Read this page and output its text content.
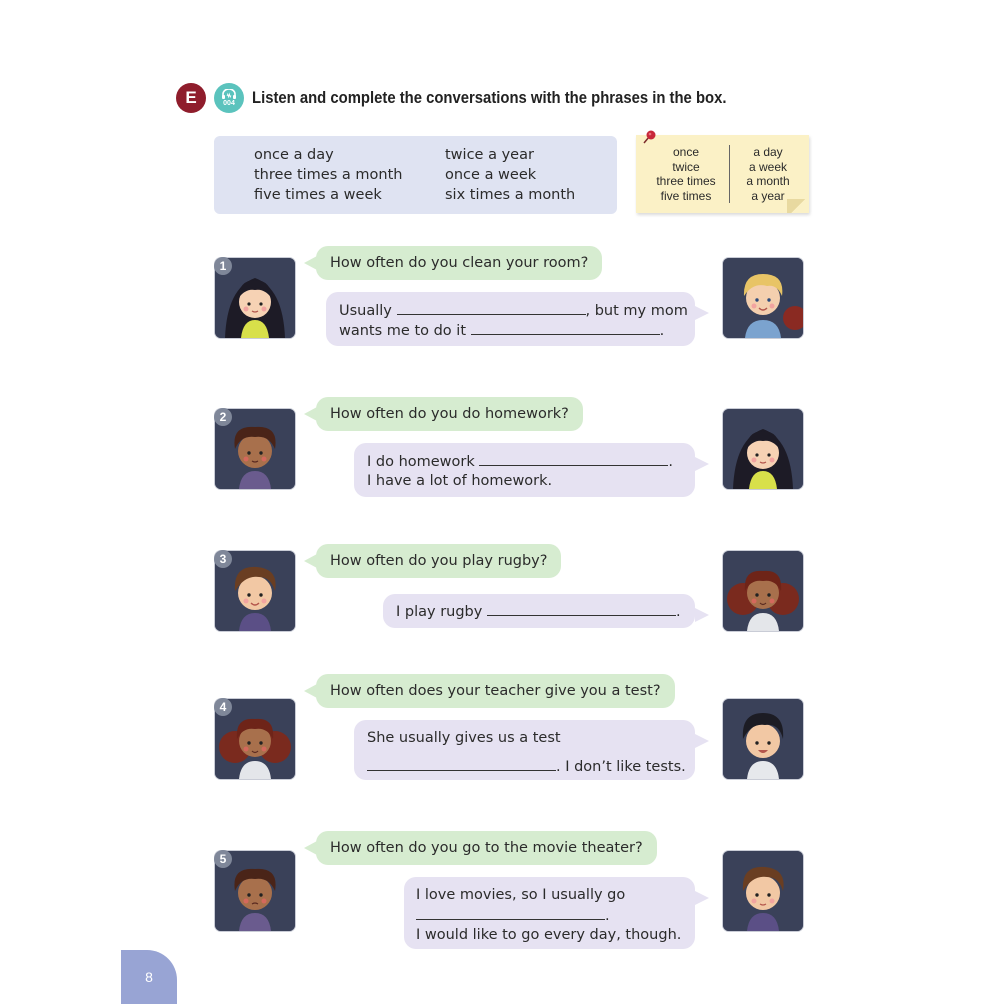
E	004 Listen and complete the conversations with the phrases in the box.
once a day
three times a month
five times a week
twice a year
once a week
six times a month
once
twice
three times
five times
a day
a week
a month
a year
1	How often do you clean your room?
Usually	, but my mom
wants me to do it	.
2	How often do you do homework?
I do homework	.
I have a lot of homework.
3	How often do you play rugby?
I play rugby	.
4
How often does your teacher give you a test?
She usually gives us a test
. I don’t like tests.
5
How often do you go to the movie theater?
I love movies, so I usually go
.
I would like to go every day, though.
8
